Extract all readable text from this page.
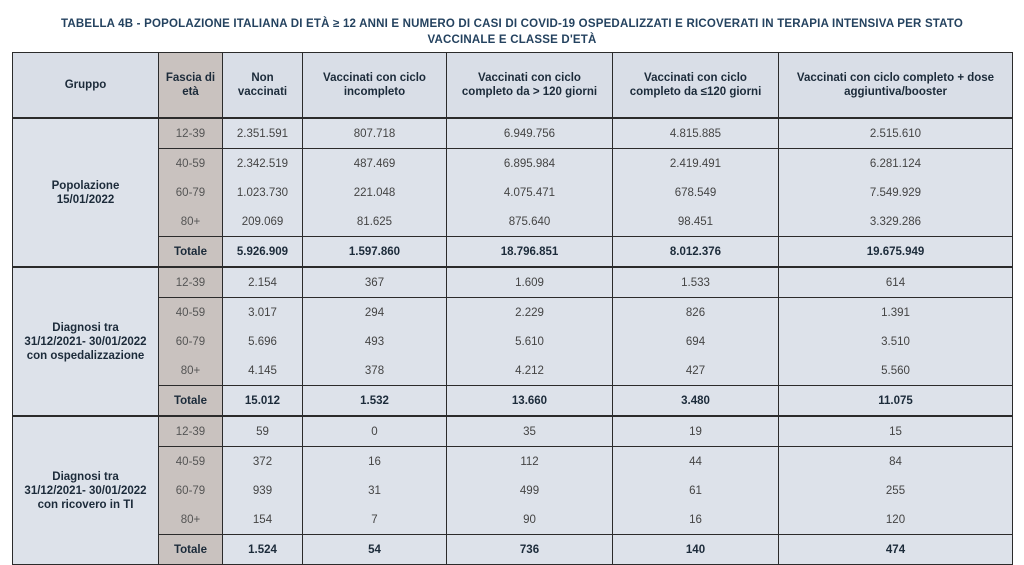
TABELLA 4B - POPOLAZIONE ITALIANA DI ETÀ ≥ 12 ANNI E NUMERO DI CASI DI COVID-19 OSPEDALIZZATI E RICOVERATI IN TERAPIA INTENSIVA PER STATO
VACCINALE E CLASSE D'ETÀ
Gruppo	Fascia di età	Non vaccinati	Vaccinati con ciclo incompleto	Vaccinati con ciclo completo da > 120 giorni	Vaccinati con ciclo completo da ≤120 giorni	Vaccinati con ciclo completo + dose aggiuntiva/booster
Popolazione 15/01/2022	12-39	2.351.591	807.718	6.949.756	4.815.885	2.515.610
	40-59	2.342.519	487.469	6.895.984	2.419.491	6.281.124
	60-79	1.023.730	221.048	4.075.471	678.549	7.549.929
	80+	209.069	81.625	875.640	98.451	3.329.286
	Totale	5.926.909	1.597.860	18.796.851	8.012.376	19.675.949
Diagnosi tra 31/12/2021- 30/01/2022 con ospedalizzazione	12-39	2.154	367	1.609	1.533	614
	40-59	3.017	294	2.229	826	1.391
	60-79	5.696	493	5.610	694	3.510
	80+	4.145	378	4.212	427	5.560
	Totale	15.012	1.532	13.660	3.480	11.075
Diagnosi tra 31/12/2021- 30/01/2022 con ricovero in TI	12-39	59	0	35	19	15
	40-59	372	16	112	44	84
	60-79	939	31	499	61	255
	80+	154	7	90	16	120
	Totale	1.524	54	736	140	474
